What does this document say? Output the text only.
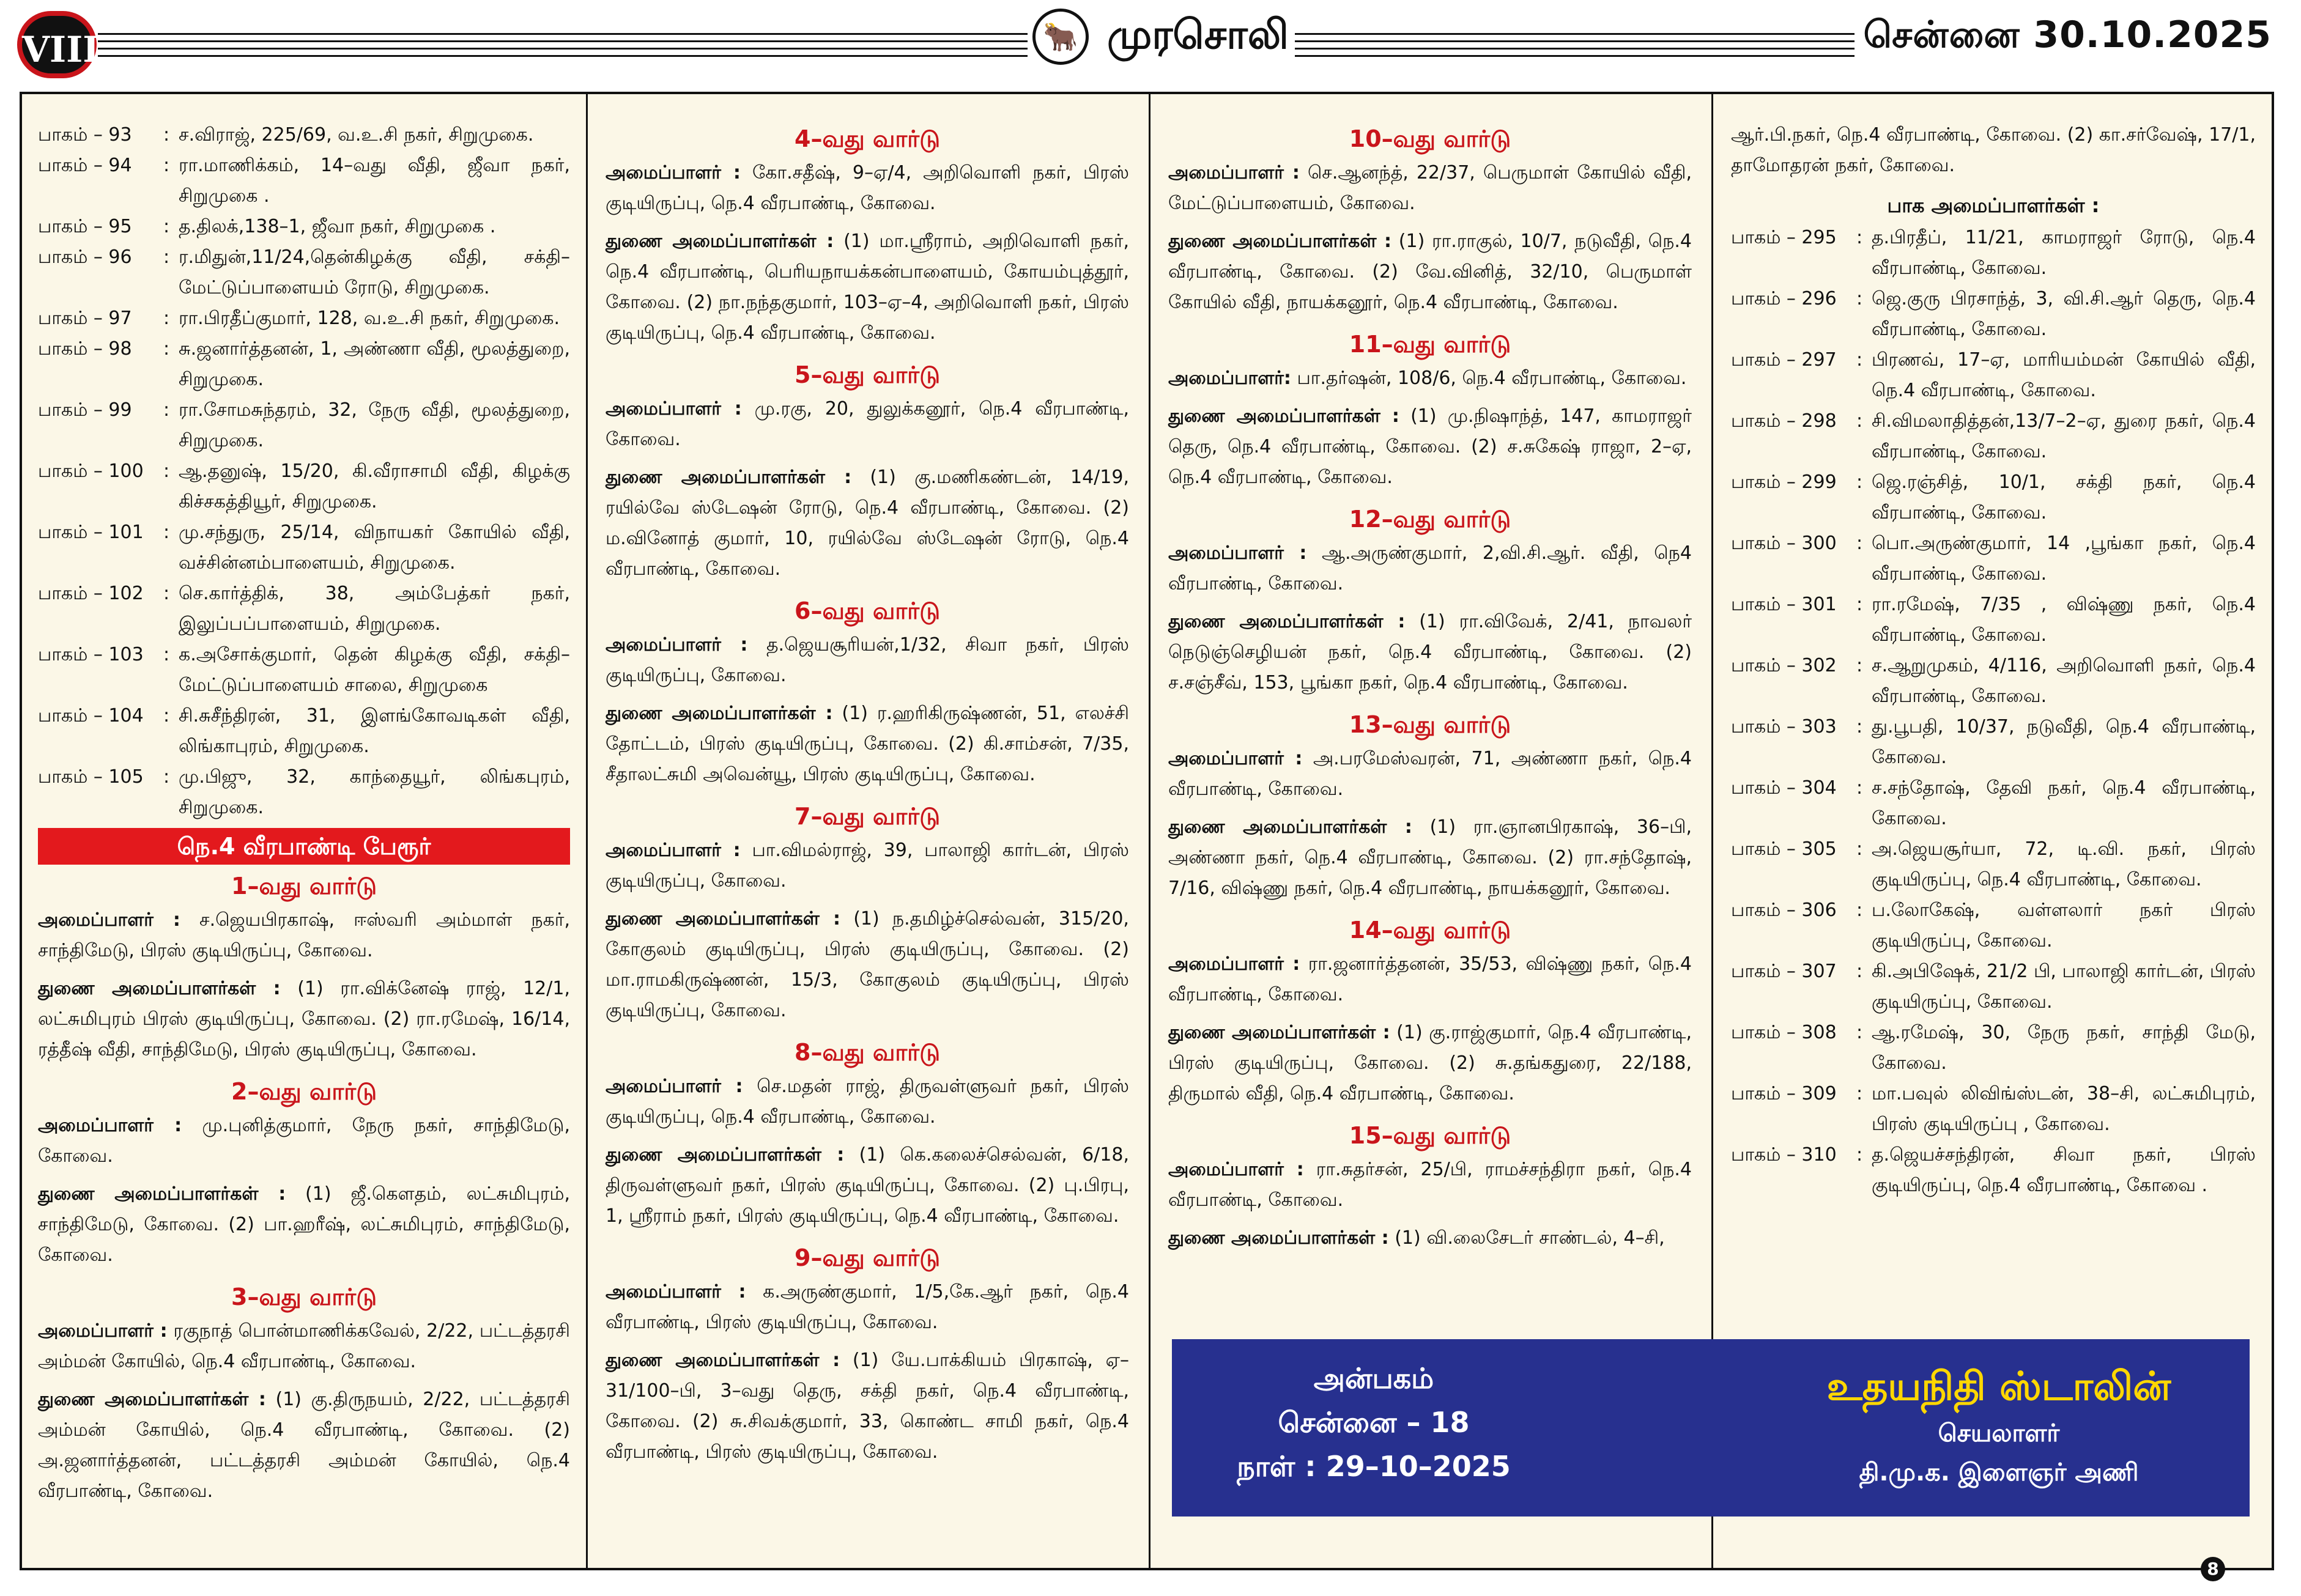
VIII	🐂 முரசொலி	சென்னை 30.10.2025
பாகம் – 93	: ச.விராஜ், 225/69, வ.உ.சி நகர், சிறுமுகை.
பாகம் – 94	: ரா.மாணிக்கம், 14–வது வீதி, ஜீவா நகர், சிறுமுகை .
பாகம் – 95	: த.திலக்,138–1, ஜீவா நகர், சிறுமுகை .
பாகம் – 96	: ர.மிதுன்,11/24,தென்கிழக்கு வீதி, சக்தி–மேட்டுப்பாளையம் ரோடு, சிறுமுகை.
பாகம் – 97	: ரா.பிரதீப்குமார், 128, வ.உ.சி நகர், சிறுமுகை.
பாகம் – 98	: சு.ஜனார்த்தனன், 1, அண்ணா வீதி, மூலத்துறை, சிறுமுகை.
பாகம் – 99	: ரா.சோமசுந்தரம், 32, நேரு வீதி, மூலத்துறை, சிறுமுகை.
பாகம் – 100	: ஆ.தனுஷ், 15/20, கி.வீராசாமி வீதி, கிழக்கு கிச்சகத்தியூர், சிறுமுகை.
பாகம் – 101	: மு.சந்துரு, 25/14, விநாயகர் கோயில் வீதி, வச்சின்னம்பாளையம், சிறுமுகை.
பாகம் – 102	: செ.கார்த்திக், 38, அம்பேத்கர் நகர், இலுப்பப்பாளையம், சிறுமுகை.
பாகம் – 103	: க.அசோக்குமார், தென் கிழக்கு வீதி, சக்தி–மேட்டுப்பாளையம் சாலை, சிறுமுகை
பாகம் – 104	: சி.சுசீந்திரன், 31, இளங்கோவடிகள் வீதி, லிங்காபுரம், சிறுமுகை.
பாகம் – 105	: மு.பிஜு, 32, காந்தையூர், லிங்கபுரம், சிறுமுகை.
நெ.4 வீரபாண்டி பேரூர்
1–வது வார்டு
அமைப்பாளர் : ச.ஜெயபிரகாஷ், ஈஸ்வரி அம்மாள் நகர், சாந்திமேடு, பிரஸ் குடியிருப்பு, கோவை.
துணை அமைப்பாளர்கள் : (1) ரா.விக்னேஷ் ராஜ், 12/1, லட்சுமிபுரம் பிரஸ் குடியிருப்பு, கோவை. (2) ரா.ரமேஷ், 16/14, ரத்தீஷ் வீதி, சாந்திமேடு, பிரஸ் குடியிருப்பு, கோவை.
2–வது வார்டு
அமைப்பாளர் : மு.புனித்குமார், நேரு நகர், சாந்திமேடு, கோவை.
துணை அமைப்பாளர்கள் : (1) ஜீ.கௌதம், லட்சுமிபுரம், சாந்திமேடு, கோவை. (2) பா.ஹரீஷ், லட்சுமிபுரம், சாந்திமேடு, கோவை.
3–வது வார்டு
அமைப்பாளர் : ரகுநாத் பொன்மாணிக்கவேல், 2/22, பட்டத்தரசி அம்மன் கோயில், நெ.4 வீரபாண்டி, கோவை.
துணை அமைப்பாளர்கள் : (1) கு.திருநயம், 2/22, பட்டத்தரசி அம்மன் கோயில், நெ.4 வீரபாண்டி, கோவை. (2) அ.ஜனார்த்தனன், பட்டத்தரசி அம்மன் கோயில், நெ.4 வீரபாண்டி, கோவை.
4–வது வார்டு
அமைப்பாளர் : கோ.சதீஷ், 9–ஏ/4, அறிவொளி நகர், பிரஸ் குடியிருப்பு, நெ.4 வீரபாண்டி, கோவை.
துணை அமைப்பாளர்கள் : (1) மா.ஸ்ரீராம், அறிவொளி நகர், நெ.4 வீரபாண்டி, பெரியநாயக்கன்பாளையம், கோயம்புத்தூர், கோவை. (2) நா.நந்தகுமார், 103–ஏ–4, அறிவொளி நகர், பிரஸ் குடியிருப்பு, நெ.4 வீரபாண்டி, கோவை.
5–வது வார்டு
அமைப்பாளர் : மு.ரகு, 20, துலுக்கனூர், நெ.4 வீரபாண்டி, கோவை.
துணை அமைப்பாளர்கள் : (1) கு.மணிகண்டன், 14/19, ரயில்வே ஸ்டேஷன் ரோடு, நெ.4 வீரபாண்டி, கோவை. (2) ம.வினோத் குமார், 10, ரயில்வே ஸ்டேஷன் ரோடு, நெ.4 வீரபாண்டி, கோவை.
6–வது வார்டு
அமைப்பாளர் : த.ஜெயசூரியன்,1/32, சிவா நகர், பிரஸ் குடியிருப்பு, கோவை.
துணை அமைப்பாளர்கள் : (1) ர.ஹரிகிருஷ்ணன், 51, எலச்சி தோட்டம், பிரஸ் குடியிருப்பு, கோவை. (2) கி.சாம்சன், 7/35, சீதாலட்சுமி அவென்யூ, பிரஸ் குடியிருப்பு, கோவை.
7–வது வார்டு
அமைப்பாளர் : பா.விமல்ராஜ், 39, பாலாஜி கார்டன், பிரஸ் குடியிருப்பு, கோவை.
துணை அமைப்பாளர்கள் : (1) ந.தமிழ்ச்செல்வன், 315/20, கோகுலம் குடியிருப்பு, பிரஸ் குடியிருப்பு, கோவை. (2) மா.ராமகிருஷ்ணன், 15/3, கோகுலம் குடியிருப்பு, பிரஸ் குடியிருப்பு, கோவை.
8–வது வார்டு
அமைப்பாளர் : செ.மதன் ராஜ், திருவள்ளுவர் நகர், பிரஸ் குடியிருப்பு, நெ.4 வீரபாண்டி, கோவை.
துணை அமைப்பாளர்கள் : (1) கெ.கலைச்செல்வன், 6/18, திருவள்ளுவர் நகர், பிரஸ் குடியிருப்பு, கோவை. (2) பு.பிரபு, 1, ஸ்ரீராம் நகர், பிரஸ் குடியிருப்பு, நெ.4 வீரபாண்டி, கோவை.
9–வது வார்டு
அமைப்பாளர் : க.அருண்குமார், 1/5,கே.ஆர் நகர், நெ.4 வீரபாண்டி, பிரஸ் குடியிருப்பு, கோவை.
துணை அமைப்பாளர்கள் : (1) யே.பாக்கியம் பிரகாஷ், ஏ–31/100–பி, 3–வது தெரு, சக்தி நகர், நெ.4 வீரபாண்டி, கோவை. (2) சு.சிவக்குமார், 33, கொண்ட சாமி நகர், நெ.4 வீரபாண்டி, பிரஸ் குடியிருப்பு, கோவை.
10–வது வார்டு
அமைப்பாளர் : செ.ஆனந்த், 22/37, பெருமாள் கோயில் வீதி, மேட்டுப்பாளையம், கோவை.
துணை அமைப்பாளர்கள் : (1) ரா.ராகுல், 10/7, நடுவீதி, நெ.4 வீரபாண்டி, கோவை. (2) வே.வினித், 32/10, பெருமாள் கோயில் வீதி, நாயக்கனூர், நெ.4 வீரபாண்டி, கோவை.
11–வது வார்டு
அமைப்பாளர்: பா.தர்ஷன், 108/6, நெ.4 வீரபாண்டி, கோவை.
துணை அமைப்பாளர்கள் : (1) மு.நிஷாந்த், 147, காமராஜர் தெரு, நெ.4 வீரபாண்டி, கோவை. (2) ச.சுகேஷ் ராஜா, 2–ஏ, நெ.4 வீரபாண்டி, கோவை.
12–வது வார்டு
அமைப்பாளர் : ஆ.அருண்குமார், 2,வி.சி.ஆர். வீதி, நெ4 வீரபாண்டி, கோவை.
துணை அமைப்பாளர்கள் : (1) ரா.விவேக், 2/41, நாவலர் நெடுஞ்செழியன் நகர், நெ.4 வீரபாண்டி, கோவை. (2) ச.சஞ்சீவ், 153, பூங்கா நகர், நெ.4 வீரபாண்டி, கோவை.
13–வது வார்டு
அமைப்பாளர் : அ.பரமேஸ்வரன், 71, அண்ணா நகர், நெ.4 வீரபாண்டி, கோவை.
துணை அமைப்பாளர்கள் : (1) ரா.ஞானபிரகாஷ், 36–பி, அண்ணா நகர், நெ.4 வீரபாண்டி, கோவை. (2) ரா.சந்தோஷ், 7/16, விஷ்ணு நகர், நெ.4 வீரபாண்டி, நாயக்கனூர், கோவை.
14–வது வார்டு
அமைப்பாளர் : ரா.ஜனார்த்தனன், 35/53, விஷ்ணு நகர், நெ.4 வீரபாண்டி, கோவை.
துணை அமைப்பாளர்கள் : (1) கு.ராஜ்குமார், நெ.4 வீரபாண்டி, பிரஸ் குடியிருப்பு, கோவை. (2) சு.தங்கதுரை, 22/188, திருமால் வீதி, நெ.4 வீரபாண்டி, கோவை.
15–வது வார்டு
அமைப்பாளர் : ரா.சுதர்சன், 25/பி, ராமச்சந்திரா நகர், நெ.4 வீரபாண்டி, கோவை.
துணை அமைப்பாளர்கள் : (1) வி.லைசேடர் சாண்டல், 4–சி,
ஆர்.பி.நகர், நெ.4 வீரபாண்டி, கோவை. (2) கா.சர்வேஷ், 17/1, தாமோதரன் நகர், கோவை.
பாக அமைப்பாளர்கள் :
பாகம் – 295	: த.பிரதீப், 11/21, காமராஜர் ரோடு, நெ.4 வீரபாண்டி, கோவை.
பாகம் – 296	: ஜெ.குரு பிரசாந்த், 3, வி.சி.ஆர் தெரு, நெ.4 வீரபாண்டி, கோவை.
பாகம் – 297	: பிரணவ், 17–ஏ, மாரியம்மன் கோயில் வீதி, நெ.4 வீரபாண்டி, கோவை.
பாகம் – 298	: சி.விமலாதித்தன்,13/7–2–ஏ, துரை நகர், நெ.4 வீரபாண்டி, கோவை.
பாகம் – 299	: ஜெ.ரஞ்சித், 10/1, சக்தி நகர், நெ.4 வீரபாண்டி, கோவை.
பாகம் – 300	: பொ.அருண்குமார், 14 ,பூங்கா நகர், நெ.4 வீரபாண்டி, கோவை.
பாகம் – 301	: ரா.ரமேஷ், 7/35 , விஷ்ணு நகர், நெ.4 வீரபாண்டி, கோவை.
பாகம் – 302	: ச.ஆறுமுகம், 4/116, அறிவொளி நகர், நெ.4 வீரபாண்டி, கோவை.
பாகம் – 303	: து.பூபதி, 10/37, நடுவீதி, நெ.4 வீரபாண்டி, கோவை.
பாகம் – 304	: ச.சந்தோஷ், தேவி நகர், நெ.4 வீரபாண்டி, கோவை.
பாகம் – 305	: அ.ஜெயசூர்யா, 72, டி.வி. நகர், பிரஸ் குடியிருப்பு, நெ.4 வீரபாண்டி, கோவை.
பாகம் – 306	: ப.லோகேஷ், வள்ளலார் நகர் பிரஸ் குடியிருப்பு, கோவை.
பாகம் – 307	: கி.அபிஷேக், 21/2 பி, பாலாஜி கார்டன், பிரஸ் குடியிருப்பு, கோவை.
பாகம் – 308	: ஆ.ரமேஷ், 30, நேரு நகர், சாந்தி மேடு, கோவை.
பாகம் – 309	: மா.பவுல் லிவிங்ஸ்டன், 38–சி, லட்சுமிபுரம், பிரஸ் குடியிருப்பு , கோவை.
பாகம் – 310	: த.ஜெயச்சந்திரன், சிவா நகர், பிரஸ் குடியிருப்பு, நெ.4 வீரபாண்டி, கோவை .
அன்பகம்
சென்னை – 18
நாள் : 29–10–2025
உதயநிதி ஸ்டாலின்
செயலாளர்
தி.மு.க. இளைஞர் அணி
8
